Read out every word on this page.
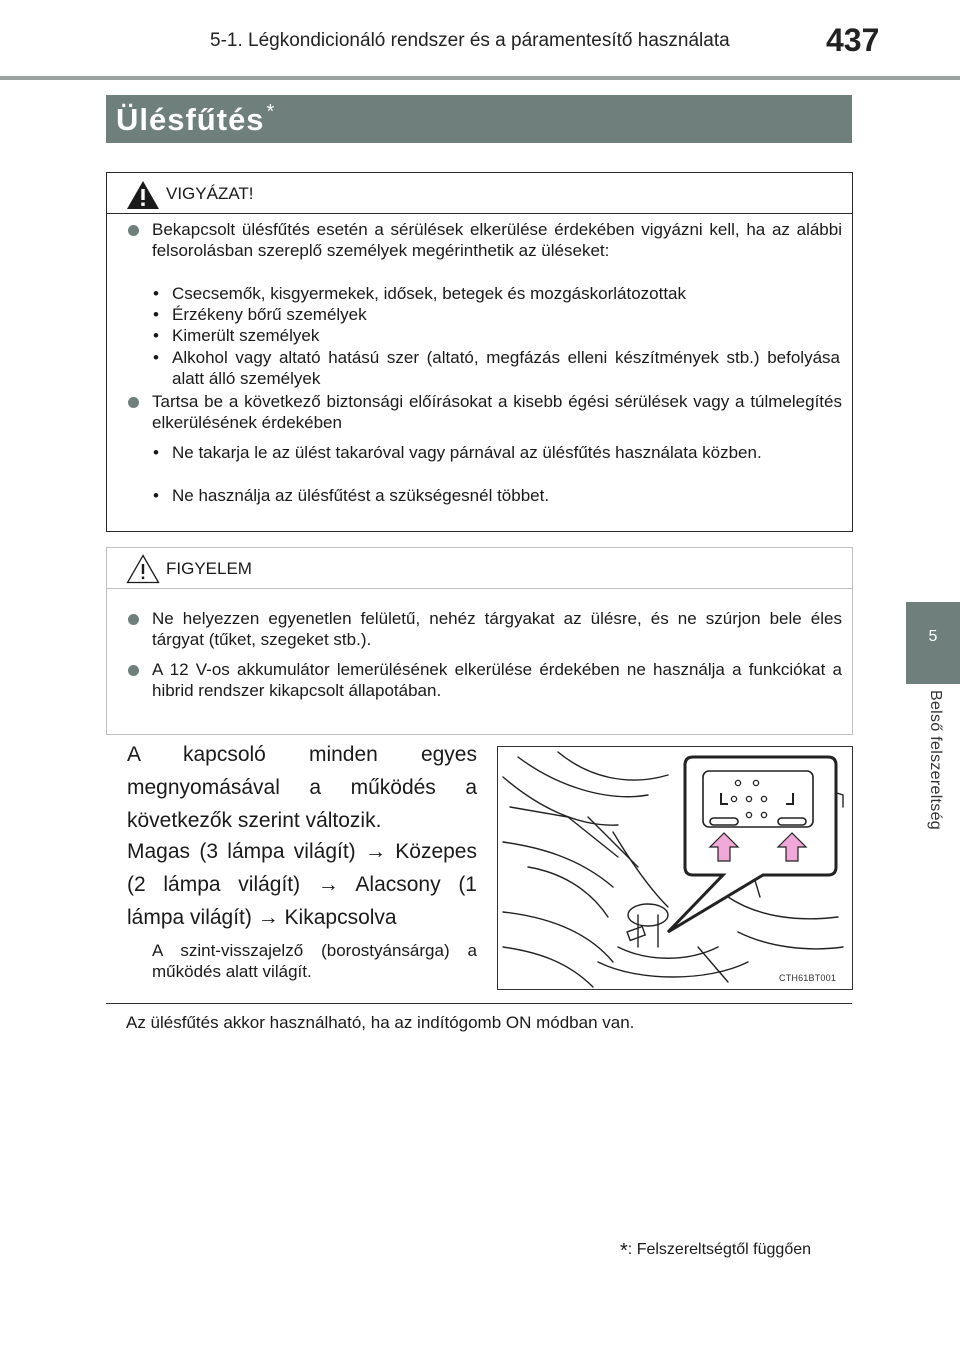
5-1. Légkondicionáló rendszer és a páramentesítő használata	437
5
Belső felszereltség
Ülésfűtés *
VIGYÁZAT!
Bekapcsolt ülésfűtés esetén a sérülések elkerülése érdekében vigyázni kell, ha az alábbi felsorolásban szereplő személyek megérinthetik az üléseket:
• Csecsemők, kisgyermekek, idősek, betegek és mozgáskorlátozottak
• Érzékeny bőrű személyek
• Kimerült személyek
• Alkohol vagy altató hatású szer (altató, megfázás elleni készítmények stb.) befolyása alatt álló személyek
Tartsa be a következő biztonsági előírásokat a kisebb égési sérülések vagy a túlmelegítés elkerülésének érdekében
• Ne takarja le az ülést takaróval vagy párnával az ülésfűtés használata közben.
• Ne használja az ülésfűtést a szükségesnél többet.
FIGYELEM
Ne helyezzen egyenetlen felületű, nehéz tárgyakat az ülésre, és ne szúrjon bele éles tárgyat (tűket, szegeket stb.).
A 12 V-os akkumulátor lemerülésének elkerülése érdekében ne használja a funkciókat a hibrid rendszer kikapcsolt állapotában.
A kapcsoló minden egyes megnyomásával a működés a következők szerint változik.
Magas (3 lámpa világít) → Közepes (2 lámpa világít) → Alacsony (1 lámpa világít) → Kikapcsolva
A szint-visszajelző (borostyánsárga) a működés alatt világít.	CTH61BT001
Az ülésfűtés akkor használható, ha az indítógomb ON módban van.
*: Felszereltségtől függően
